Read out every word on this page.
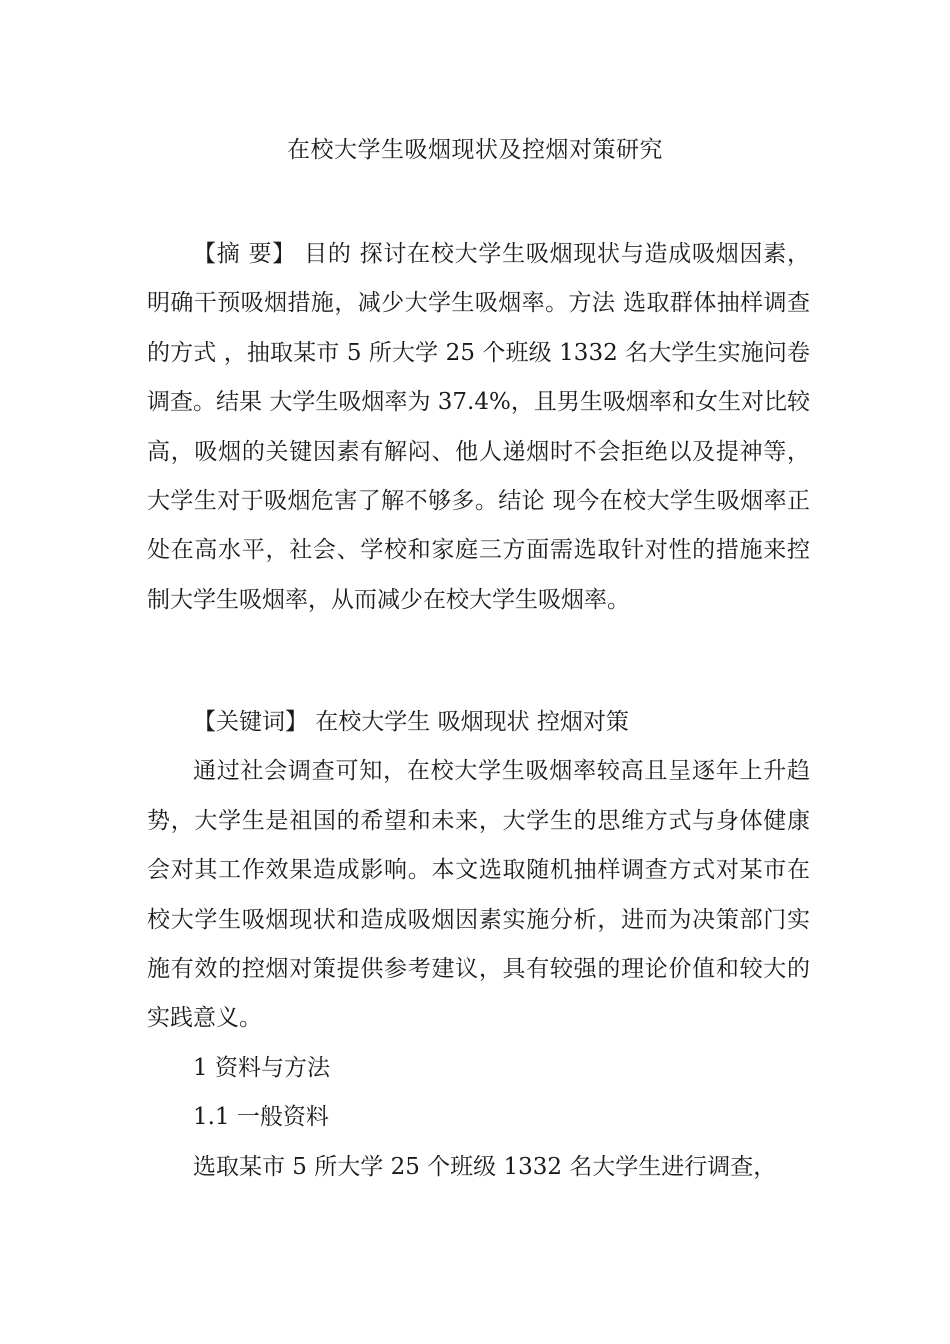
在校大学生吸烟现状及控烟对策研究

【摘 要】 目的 探讨在校大学生吸烟现状与造成吸烟因素，明确干预吸烟措施，减少大学生吸烟率。方法 选取群体抽样调查的方式 ，抽取某市 5 所大学 25 个班级 1332 名大学生实施问卷调查。结果 大学生吸烟率为 37.4%，且男生吸烟率和女生对比较高，吸烟的关键因素有解闷、他人递烟时不会拒绝以及提神等，大学生对于吸烟危害了解不够多。结论 现今在校大学生吸烟率正处在高水平，社会、学校和家庭三方面需选取针对性的措施来控制大学生吸烟率，从而减少在校大学生吸烟率。

【关键词】 在校大学生 吸烟现状 控烟对策

通过社会调查可知，在校大学生吸烟率较高且呈逐年上升趋势，大学生是祖国的希望和未来，大学生的思维方式与身体健康会对其工作效果造成影响。本文选取随机抽样调查方式对某市在校大学生吸烟现状和造成吸烟因素实施分析，进而为决策部门实施有效的控烟对策提供参考建议，具有较强的理论价值和较大的实践意义。

1 资料与方法

1.1 一般资料

选取某市 5 所大学 25 个班级 1332 名大学生进行调查，
